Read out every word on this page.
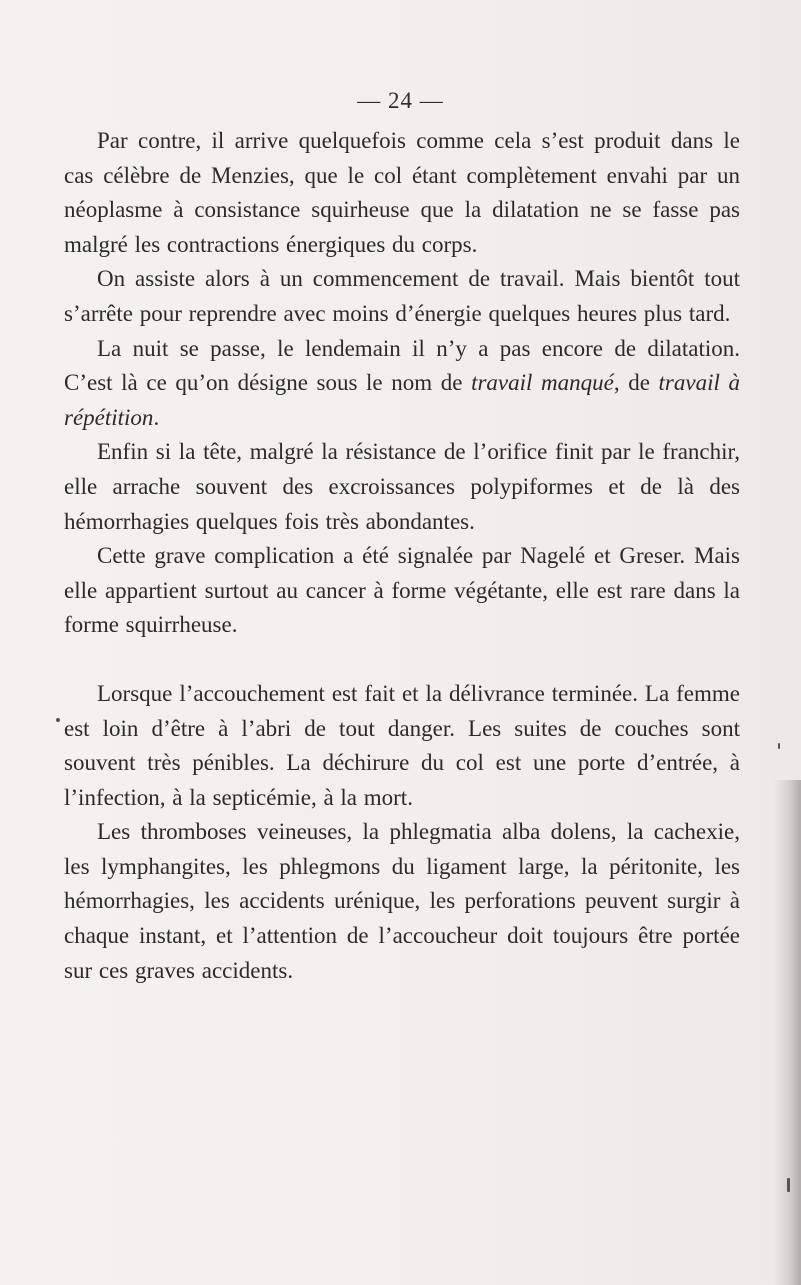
— 24 —

Par contre, il arrive quelquefois comme cela s’est produit dans le cas célèbre de Menzies, que le col étant complètement envahi par un néoplasme à consistance squirheuse que la dilatation ne se fasse pas malgré les contractions énergiques du corps.

On assiste alors à un commencement de travail. Mais bientôt tout s’arrête pour reprendre avec moins d’énergie quelques heures plus tard.

La nuit se passe, le lendemain il n’y a pas encore de dilatation. C’est là ce qu’on désigne sous le nom de travail manqué, de travail à répétition.

Enfin si la tête, malgré la résistance de l’orifice finit par le franchir, elle arrache souvent des excroissances polypiformes et de là des hémorrhagies quelques fois très abondantes.

Cette grave complication a été signalée par Nagelé et Greser. Mais elle appartient surtout au cancer à forme végétante, elle est rare dans la forme squirrheuse.

Lorsque l’accouchement est fait et la délivrance terminée. La femme est loin d’être à l’abri de tout danger. Les suites de couches sont souvent très pénibles. La déchirure du col est une porte d’entrée, à l’infection, à la septicémie, à la mort.

Les thromboses veineuses, la phlegmatia alba dolens, la cachexie, les lymphangites, les phlegmons du ligament large, la péritonite, les hémorrhagies, les accidents urénique, les perforations peuvent surgir à chaque instant, et l’attention de l’accoucheur doit toujours être portée sur ces graves accidents.
